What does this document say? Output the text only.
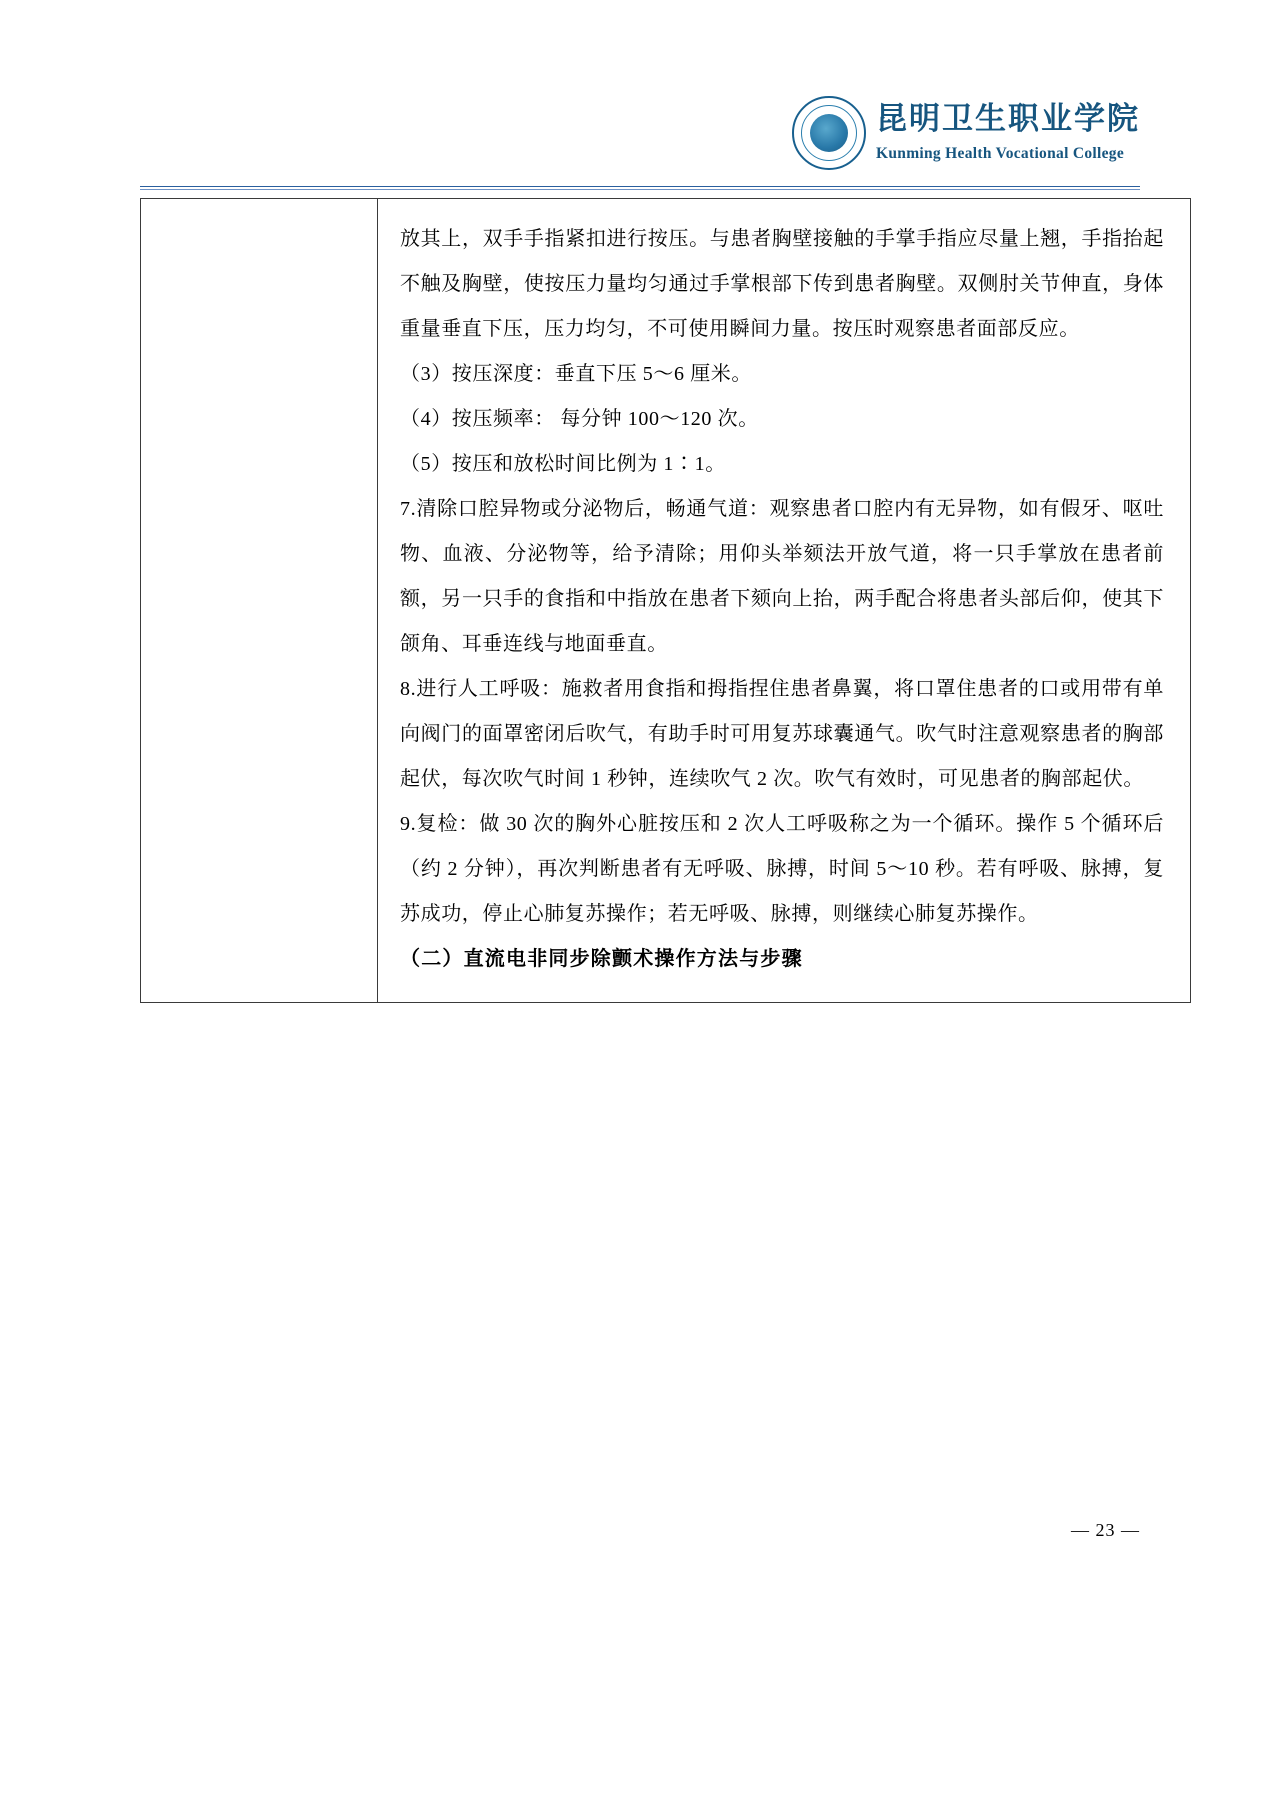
昆明卫生职业学院
Kunming Health Vocational College

放其上，双手手指紧扣进行按压。与患者胸壁接触的手掌手指应尽量上翘，手指抬起不触及胸壁，使按压力量均匀通过手掌根部下传到患者胸壁。双侧肘关节伸直，身体重量垂直下压，压力均匀，不可使用瞬间力量。按压时观察患者面部反应。

（3）按压深度：垂直下压 5～6 厘米。

（4）按压频率： 每分钟 100～120 次。

（5）按压和放松时间比例为 1∶1。

7.清除口腔异物或分泌物后，畅通气道：观察患者口腔内有无异物，如有假牙、呕吐物、血液、分泌物等，给予清除；用仰头举颏法开放气道，将一只手掌放在患者前额，另一只手的食指和中指放在患者下颏向上抬，两手配合将患者头部后仰，使其下颌角、耳垂连线与地面垂直。

8.进行人工呼吸：施救者用食指和拇指捏住患者鼻翼，将口罩住患者的口或用带有单向阀门的面罩密闭后吹气，有助手时可用复苏球囊通气。吹气时注意观察患者的胸部起伏，每次吹气时间 1 秒钟，连续吹气 2 次。吹气有效时，可见患者的胸部起伏。

9.复检：做 30 次的胸外心脏按压和 2 次人工呼吸称之为一个循环。操作 5 个循环后（约 2 分钟），再次判断患者有无呼吸、脉搏，时间 5～10 秒。若有呼吸、脉搏，复苏成功，停止心肺复苏操作；若无呼吸、脉搏，则继续心肺复苏操作。

（二）直流电非同步除颤术操作方法与步骤

— 23 —
